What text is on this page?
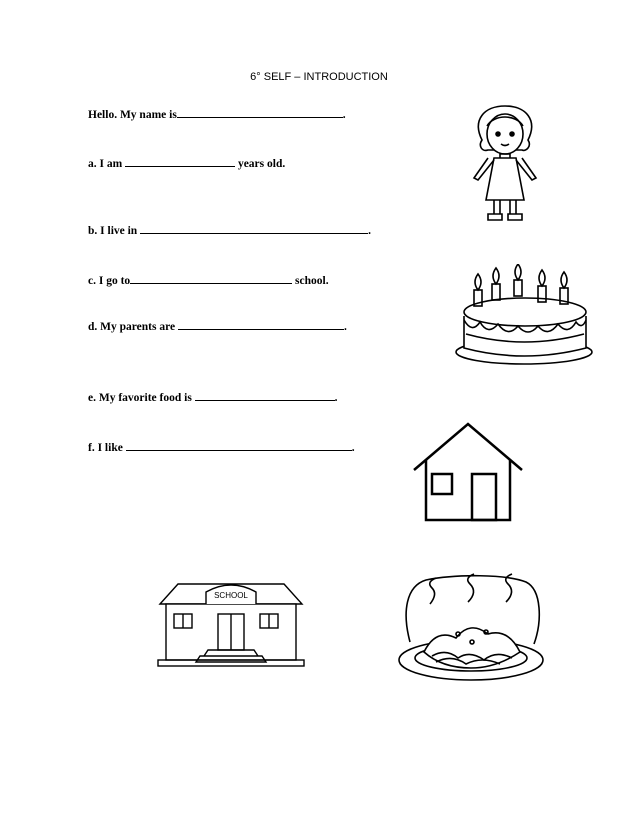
6° SELF – INTRODUCTION
Hello. My name is	.
a. I am	years old.
b. I live in	.
c. I go to	school.
d. My parents are	.
e. My favorite food is	.
f. I like	.
SCHOOL
